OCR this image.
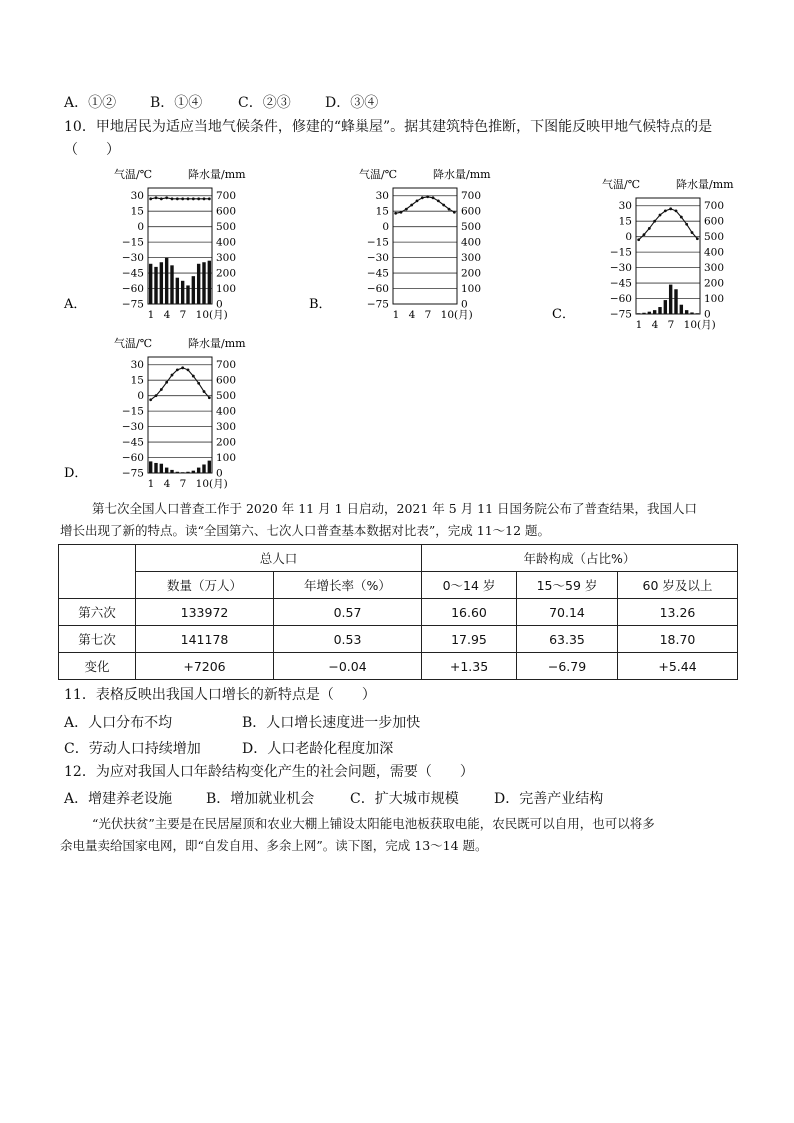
A．①② B．①④	C．②③ D．③④
10．甲地居民为适应当地气候条件，修建的“蜂巢屋”。据其建筑特色推断，下图能反映甲地气候特点的是
（　　）
A．
气温/℃	降水量/mm
30	700
15	600
0	500
−15	400
−30	300
−45	200
−60	100
−75	0
1 4 7 10(月)
B．
气温/℃	降水量/mm
30	700
15	600
0	500
−15	400
−30	300
−45	200
−60	100
−75	0
1 4 7 10(月)	C．
气温/℃	降水量/mm
30	700
15	600
0	500
−15	400
−30	300
−45	200
−60	100
−75	0
1 4 7 10(月)
D．
气温/℃	降水量/mm
30	700
15	600
0	500
−15	400
−30	300
−45	200
−60	100
−75	0
1 4 7 10(月)
第七次全国人口普查工作于 2020 年 11 月 1 日启动，2021 年 5 月 11 日国务院公布了普查结果，我国人口
增长出现了新的特点。读“全国第六、七次人口普查基本数据对比表”，完成 11～12 题。
	总人口		年龄构成（占比%）		
	数量（万人）	年增长率（%）	0～14 岁	15～59 岁	60 岁及以上
第六次	133972	0.57	16.60	70.14	13.26
第七次	141178	0.53	17.95	63.35	18.70
变化	+7206	−0.04	+1.35	−6.79	+5.44
11．表格反映出我国人口增长的新特点是（　　）
A．人口分布不均	B．人口增长速度进一步加快
C．劳动人口持续增加	D．人口老龄化程度加深
12．为应对我国人口年龄结构变化产生的社会问题，需要（　　）
A．增建养老设施 B．增加就业机会	C．扩大城市规模	D．完善产业结构
“光伏扶贫”主要是在民居屋顶和农业大棚上铺设太阳能电池板获取电能，农民既可以自用，也可以将多
余电量卖给国家电网，即“自发自用、多余上网”。读下图，完成 13～14 题。
